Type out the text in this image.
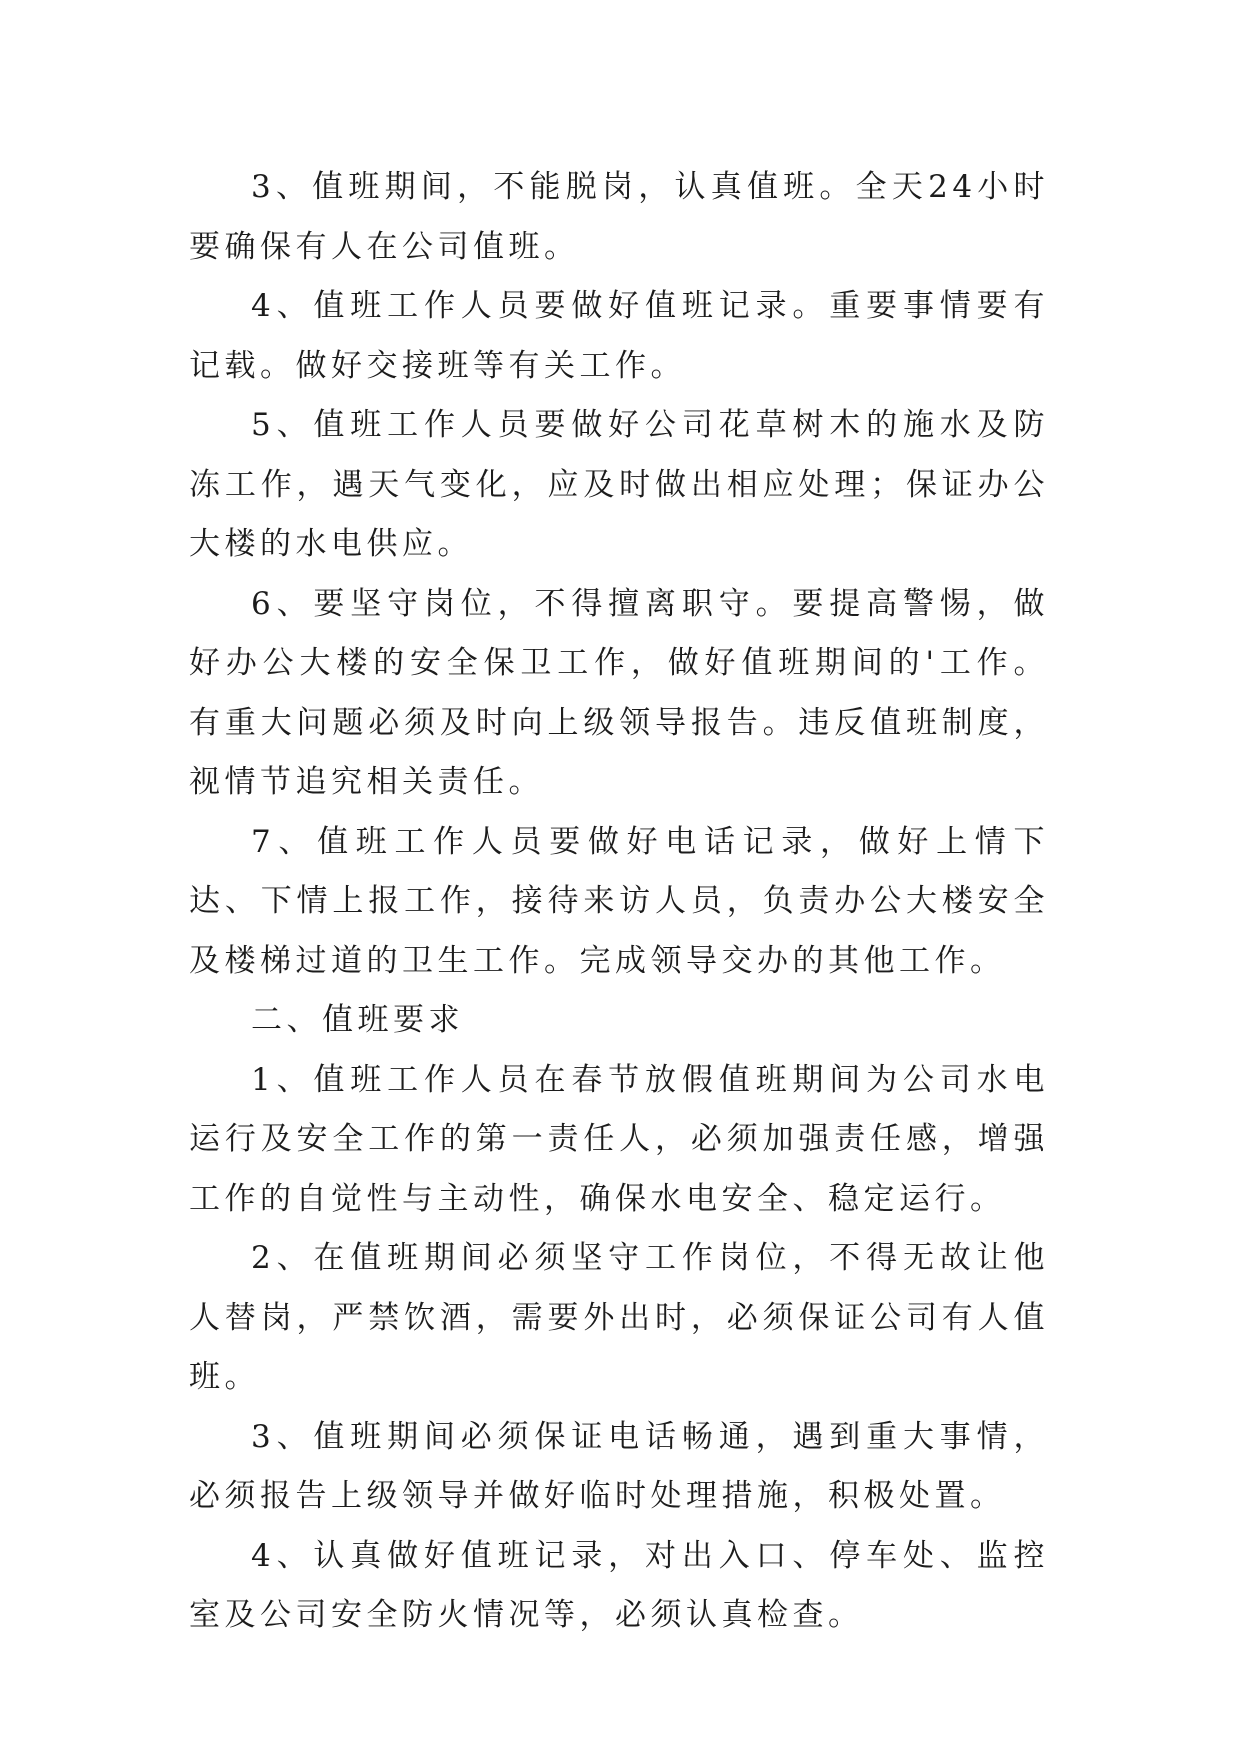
3、值班期间，不能脱岗，认真值班。全天24小时要确保有人在公司值班。

4、值班工作人员要做好值班记录。重要事情要有记载。做好交接班等有关工作。

5、值班工作人员要做好公司花草树木的施水及防冻工作，遇天气变化，应及时做出相应处理；保证办公大楼的水电供应。

6、要坚守岗位，不得擅离职守。要提高警惕，做好办公大楼的安全保卫工作，做好值班期间的'工作。有重大问题必须及时向上级领导报告。违反值班制度，视情节追究相关责任。

7、值班工作人员要做好电话记录，做好上情下达、下情上报工作，接待来访人员，负责办公大楼安全及楼梯过道的卫生工作。完成领导交办的其他工作。

二、值班要求

1、值班工作人员在春节放假值班期间为公司水电运行及安全工作的第一责任人，必须加强责任感，增强工作的自觉性与主动性，确保水电安全、稳定运行。

2、在值班期间必须坚守工作岗位，不得无故让他人替岗，严禁饮酒，需要外出时，必须保证公司有人值班。

3、值班期间必须保证电话畅通，遇到重大事情，必须报告上级领导并做好临时处理措施，积极处置。

4、认真做好值班记录，对出入口、停车处、监控室及公司安全防火情况等，必须认真检查。
